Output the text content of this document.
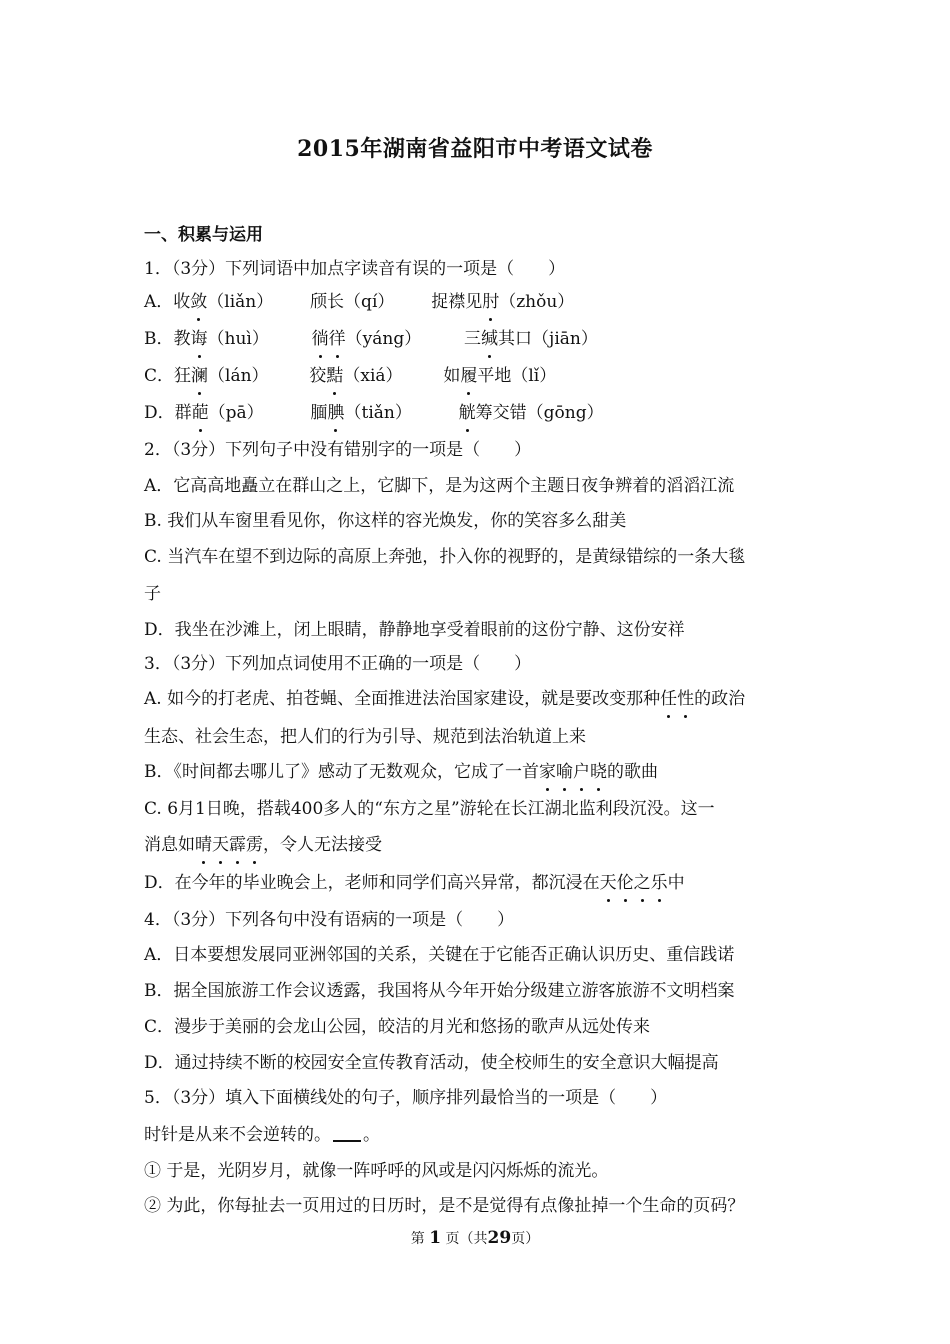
2015年湖南省益阳市中考语文试卷
一、积累与运用
1．（3分）下列词语中加点字读音有误的一项是（　　）
A．收敛（liǎn） 颀长（qí） 捉襟见肘（zhǒu）
B．教诲（huì）	徜徉（yáng）	三缄其口（jiān）
C．狂澜（lán） 狡黠（xiá） 如履平地（lǐ）
D．群葩（pā）	腼腆（tiǎn）	觥筹交错（gōng）
2．（3分）下列句子中没有错别字的一项是（　　）
A．它高高地矗立在群山之上，它脚下，是为这两个主题日夜争辨着的滔滔江流
B. 我们从车窗里看见你，你这样的容光焕发，你的笑容多么甜美
C. 当汽车在望不到边际的高原上奔弛，扑入你的视野的，是黄绿错综的一条大毯
子
D．我坐在沙滩上，闭上眼睛，静静地享受着眼前的这份宁静、这份安祥
3．（3分）下列加点词使用不正确的一项是（　　）
A. 如今的打老虎、拍苍蝇、全面推进法治国家建设，就是要改变那种任性的政治
生态、社会生态，把人们的行为引导、规范到法治轨道上来
B．《时间都去哪儿了》感动了无数观众，它成了一首家喻户晓的歌曲
C. 6月1日晚，搭载400多人的“东方之星”游轮在长江湖北监利段沉没。这一
消息如晴天霹雳，令人无法接受
D．在今年的毕业晚会上，老师和同学们高兴异常，都沉浸在天伦之乐中
4．（3分）下列各句中没有语病的一项是（　　）
A．日本要想发展同亚洲邻国的关系，关键在于它能否正确认识历史、重信践诺
B．据全国旅游工作会议透露，我国将从今年开始分级建立游客旅游不文明档案
C．漫步于美丽的会龙山公园，皎洁的月光和悠扬的歌声从远处传来
D．通过持续不断的校园安全宣传教育活动，使全校师生的安全意识大幅提高
5．（3分）填入下面横线处的句子，顺序排列最恰当的一项是（　　）
时针是从来不会逆转的。 。
① 于是，光阴岁月，就像一阵呼呼的风或是闪闪烁烁的流光。
② 为此，你每扯去一页用过的日历时，是不是觉得有点像扯掉一个生命的页码？
第 1 页（共29页）
